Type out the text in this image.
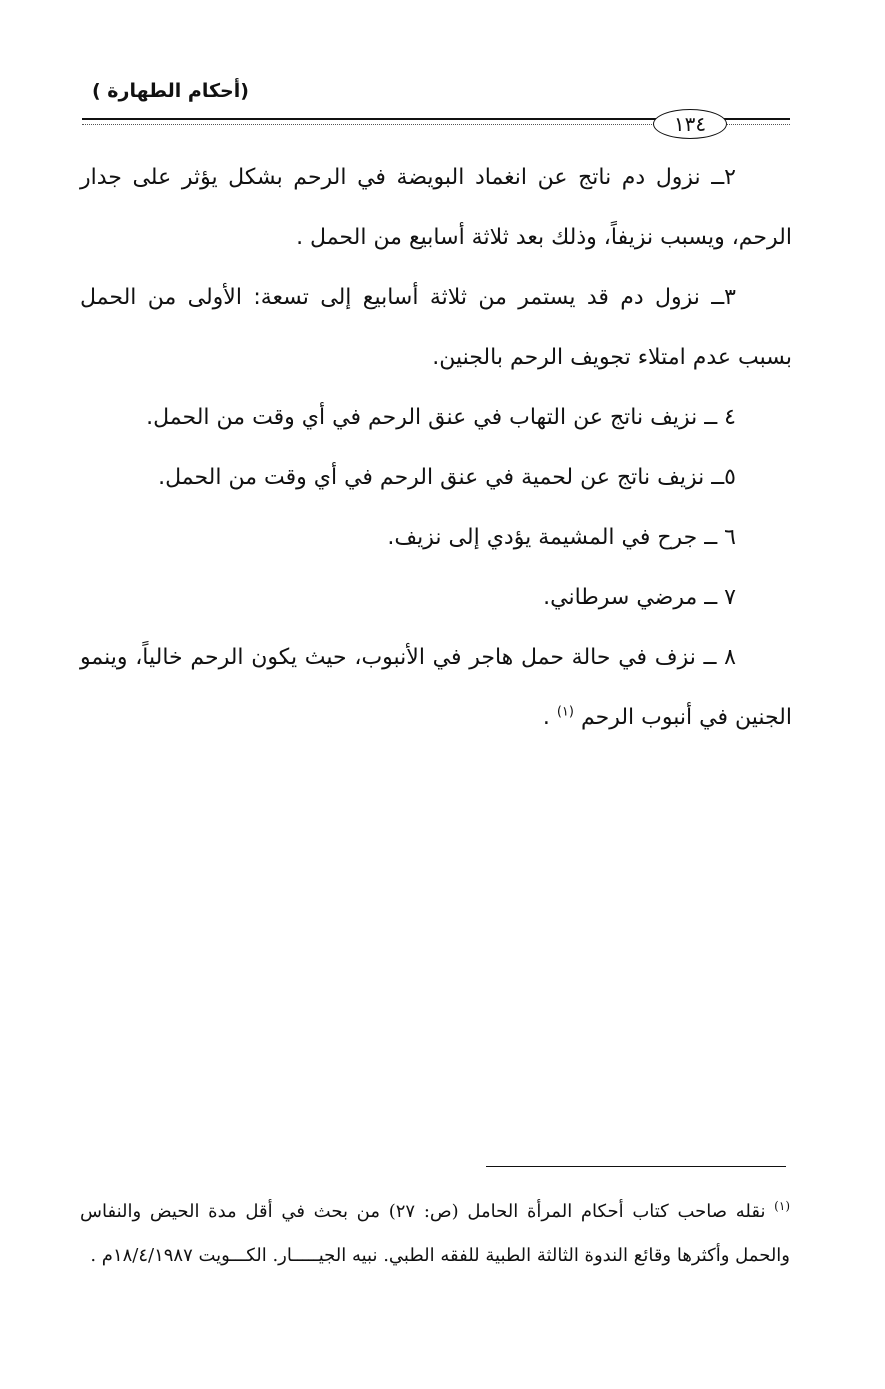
(أحكام الطهارة )
١٣٤

٢ــ نزول دم ناتج عن انغماد البويضة في الرحم بشكل يؤثر على جدار الرحم، ويسبب نزيفاً، وذلك بعد ثلاثة أسابيع من الحمل .

٣ــ نزول دم قد يستمر من ثلاثة أسابيع إلى تسعة: الأولى من الحمل بسبب عدم امتلاء تجويف الرحم بالجنين.

٤ ــ نزيف ناتج عن التهاب في عنق الرحم في أي وقت من الحمل.

٥ــ نزيف ناتج عن لحمية في عنق الرحم في أي وقت من الحمل.

٦ ــ جرح في المشيمة يؤدي إلى نزيف.

٧ ــ مرضي سرطاني.

٨ ــ نزف في حالة حمل هاجر في الأنبوب، حيث يكون الرحم خالياً، وينمو الجنين في أنبوب الرحم $^{(١)}$ .

$^{(١)}$ نقله صاحب كتاب أحكام المرأة الحامل (ص: ٢٧) من بحث في أقل مدة الحيض والنفاس والحمل وأكثرها وقائع الندوة الثالثة الطبية للفقه الطبي. نبيه الجيـــــار. الكـــويت ١٨/٤/١٩٨٧م .
